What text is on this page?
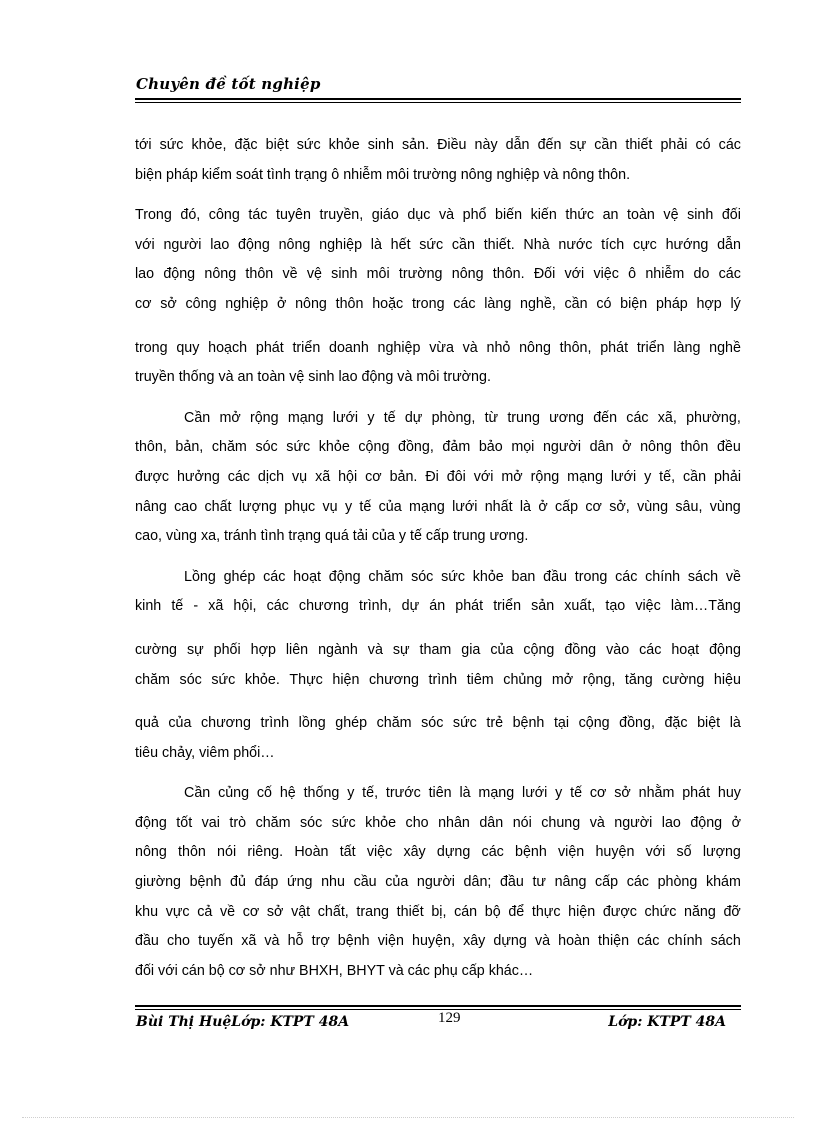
Chuyên đề tốt nghiệp
tới sức khỏe, đặc biệt sức khỏe sinh sản. Điều này dẫn đến sự cần thiết phải có các
biện pháp kiểm soát tình trạng ô nhiễm môi trường nông nghiệp và nông thôn.
Trong đó, công tác tuyên truyền, giáo dục và phổ biến kiến thức an toàn vệ sinh đối
với người lao động nông nghiệp là hết sức cần thiết. Nhà nước tích cực hướng dẫn
lao động nông thôn về vệ sinh môi trường nông thôn. Đối với việc ô nhiễm do các
cơ sở công nghiệp ở nông thôn hoặc trong các làng nghề, cần có biện pháp hợp lý
trong quy hoạch phát triển doanh nghiệp vừa và nhỏ nông thôn, phát triển làng nghề
truyền thống và an toàn vệ sinh lao động và môi trường.
Cần mở rộng mạng lưới y tế dự phòng, từ trung ương đến các xã, phường,
thôn, bản, chăm sóc sức khỏe cộng đồng, đảm bảo mọi người dân ở nông thôn đều
được hưởng các dịch vụ xã hội cơ bản. Đi đôi với mở rộng mạng lưới y tế, cần phải
nâng cao chất lượng phục vụ y tế của mạng lưới nhất là ở cấp cơ sở, vùng sâu, vùng
cao, vùng xa, tránh tình trạng quá tải của y tế cấp trung ương.
Lồng ghép các hoạt động chăm sóc sức khỏe ban đầu trong các chính sách về
kinh tế - xã hội, các chương trình, dự án phát triển sản xuất, tạo việc làm…Tăng
cường sự phối hợp liên ngành và sự tham gia của cộng đồng vào các hoạt động
chăm sóc sức khỏe. Thực hiện chương trình tiêm chủng mở rộng, tăng cường hiệu
quả của chương trình lồng ghép chăm sóc sức trẻ bệnh tại cộng đồng, đặc biệt là
tiêu chảy, viêm phổi…
Cần củng cố hệ thống y tế, trước tiên là mạng lưới y tế cơ sở nhằm phát huy
động tốt vai trò chăm sóc sức khỏe cho nhân dân nói chung và người lao động ở
nông thôn nói riêng. Hoàn tất việc xây dựng các bệnh viện huyện với số lượng
giường bệnh đủ đáp ứng nhu cầu của người dân; đầu tư nâng cấp các phòng khám
khu vực cả về cơ sở vật chất, trang thiết bị, cán bộ để thực hiện được chức năng đỡ
đầu cho tuyến xã và hỗ trợ bệnh viện huyện, xây dựng và hoàn thiện các chính sách
đối với cán bộ cơ sở như BHXH, BHYT và các phụ cấp khác…
Bùi Thị HuệLớp: KTPT 48A	129	Lớp: KTPT 48A
